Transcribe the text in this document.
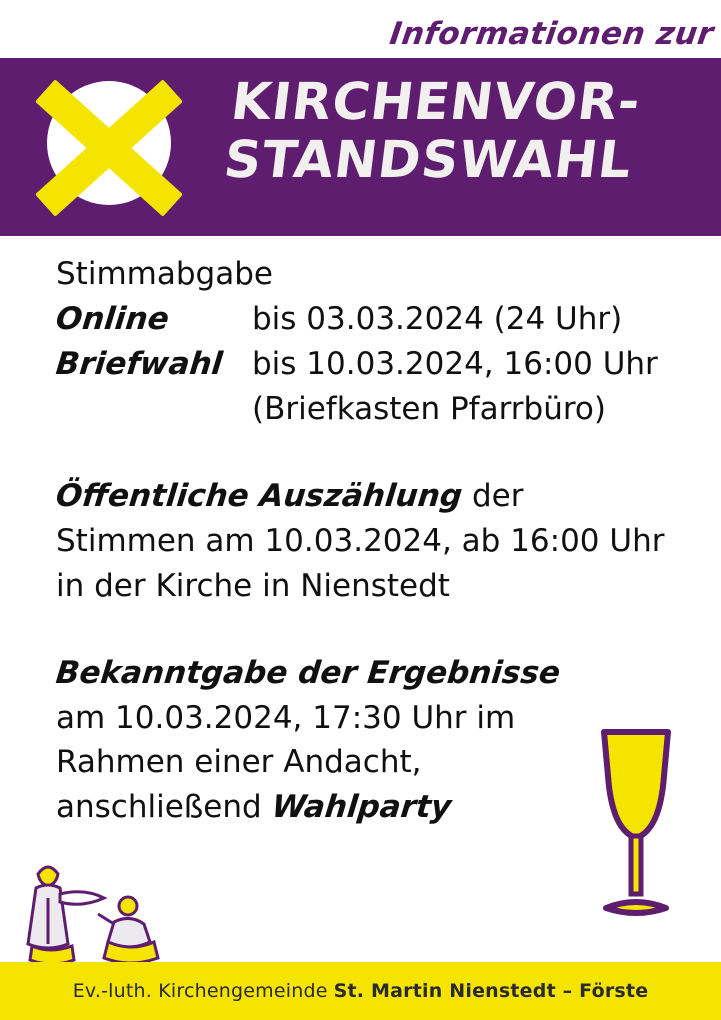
Informationen zur
KIRCHENVOR-
STANDSWAHL
Stimmabgabe
Online	bis 03.03.2024 (24 Uhr)
Briefwahl bis 10.03.2024, 16:00 Uhr
(Briefkasten Pfarrbüro)
Öffentliche Auszählung der
Stimmen am 10.03.2024, ab 16:00 Uhr
in der Kirche in Nienstedt
Bekanntgabe der Ergebnisse
am 10.03.2024, 17:30 Uhr im
Rahmen einer Andacht,
anschließend Wahlparty
Ev.-luth. Kirchengemeinde St. Martin Nienstedt – Förste
